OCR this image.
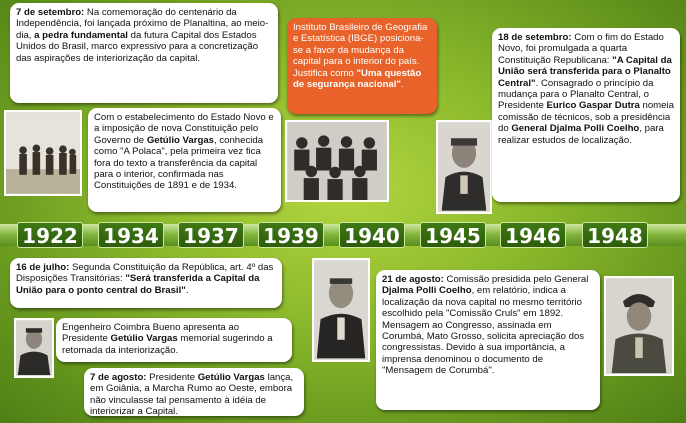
1922 1934 1937 1939 1940 1945 1946 1948
7 de setembro: Na comemoração do centenário da Independência, foi lançada próximo de Planaltina, ao meio-dia, a pedra fundamental da futura Capital dos Estados Unidos do Brasil, marco expressivo para a concretização das aspirações de interiorização da capital.
Com o estabelecimento do Estado Novo e a imposição de nova Constituição pelo Governo de Getúlio Vargas, conhecida como "A Polaca", pela primeira vez fica fora do texto a transferência da capital para o interior, confirmada nas Constituições de 1891 e de 1934.
Instituto Brasileiro de Geografia e Estatística (IBGE) posiciona-se a favor da mudança da capital para o interior do país. Justifica como "Uma questão de segurança nacional".
18 de setembro: Com o fim do Estado Novo, foi promulgada a quarta Constituição Republicana: "A Capital da União será transferida para o Planalto Central". Consagrado o princípio da mudança para o Planalto Central, o Presidente Eurico Gaspar Dutra nomeia comissão de técnicos, sob a presidência do General Djalma Polli Coelho, para realizar estudos de localização.
16 de julho: Segunda Constituição da República, art. 4º das Disposições Transitórias: "Será transferida a Capital da União para o ponto central do Brasil".
Engenheiro Coimbra Bueno apresenta ao Presidente Getúlio Vargas memorial sugerindo a retomada da interiorização.
7 de agosto: Presidente Getúlio Vargas lança, em Goiânia, a Marcha Rumo ao Oeste, embora não vinculasse tal pensamento à idéia de interiorizar a Capital.
21 de agosto: Comissão presidida pelo General Djalma Polli Coelho, em relatório, indica a localização da nova capital no mesmo território escolhido pela "Comissão Cruls" em 1892. Mensagem ao Congresso, assinada em Corumbá, Mato Grosso, solicita apreciação dos congressistas. Devido à sua importância, a imprensa denominou o documento de "Mensagem de Corumbá".
